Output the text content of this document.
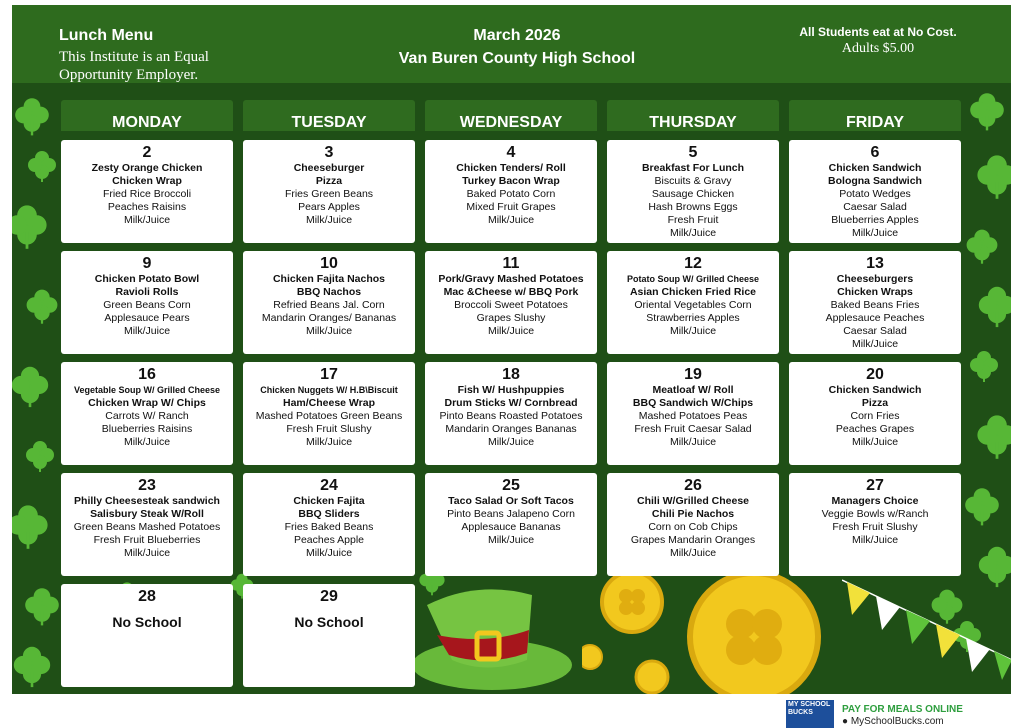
Lunch Menu
This Institute is an Equal Opportunity Employer.
March 2026
Van Buren County High School
All Students eat at No Cost.
Adults $5.00
MONDAY	TUESDAY	WEDNESDAY	THURSDAY	FRIDAY
2
Zesty Orange Chicken
Chicken Wrap
Fried Rice Broccoli
Peaches Raisins
Milk/Juice
3
Cheeseburger
Pizza
Fries Green Beans
Pears Apples
Milk/Juice
4
Chicken Tenders/ Roll
Turkey Bacon Wrap
Baked Potato Corn
Mixed Fruit Grapes
Milk/Juice
5
Breakfast For Lunch
Biscuits & Gravy
Sausage Chicken
Hash Browns Eggs
Fresh Fruit
Milk/Juice
6
Chicken Sandwich
Bologna Sandwich
Potato Wedges
Caesar Salad
Blueberries Apples
Milk/Juice
9
Chicken Potato Bowl
Ravioli Rolls
Green Beans Corn
Applesauce Pears
Milk/Juice
10
Chicken Fajita Nachos
BBQ Nachos
Refried Beans Jal. Corn
Mandarin Oranges/ Bananas
Milk/Juice
11
Pork/Gravy Mashed Potatoes
Mac &Cheese w/ BBQ Pork
Broccoli Sweet Potatoes
Grapes Slushy
Milk/Juice
12
Potato Soup W/ Grilled Cheese
Asian Chicken Fried Rice
Oriental Vegetables Corn
Strawberries Apples
Milk/Juice
13
Cheeseburgers
Chicken Wraps
Baked Beans Fries
Applesauce Peaches
Caesar Salad
Milk/Juice
16
Vegetable Soup W/ Grilled Cheese
Chicken Wrap W/ Chips
Carrots W/ Ranch
Blueberries Raisins
Milk/Juice
17
Chicken Nuggets W/ H.B\Biscuit
Ham/Cheese Wrap
Mashed Potatoes Green Beans
Fresh Fruit Slushy
Milk/Juice
18
Fish W/ Hushpuppies
Drum Sticks W/ Cornbread
Pinto Beans Roasted Potatoes
Mandarin Oranges Bananas
Milk/Juice
19
Meatloaf W/ Roll
BBQ Sandwich W/Chips
Mashed Potatoes Peas
Fresh Fruit Caesar Salad
Milk/Juice
20
Chicken Sandwich
Pizza
Corn Fries
Peaches Grapes
Milk/Juice
23
Philly Cheesesteak sandwich
Salisbury Steak W/Roll
Green Beans Mashed Potatoes
Fresh Fruit Blueberries
Milk/Juice
24
Chicken Fajita
BBQ Sliders
Fries Baked Beans
Peaches Apple
Milk/Juice
25
Taco Salad Or Soft Tacos
Pinto Beans Jalapeno Corn
Applesauce Bananas
Milk/Juice
26
Chili W/Grilled Cheese
Chili Pie Nachos
Corn on Cob Chips
Grapes Mandarin Oranges
Milk/Juice
27
Managers Choice
Veggie Bowls w/Ranch
Fresh Fruit Slushy
Milk/Juice
28
No School
29
No School
MY SCHOOL BUCKS	PAY FOR MEALS ONLINE
● MySchoolBucks.com
